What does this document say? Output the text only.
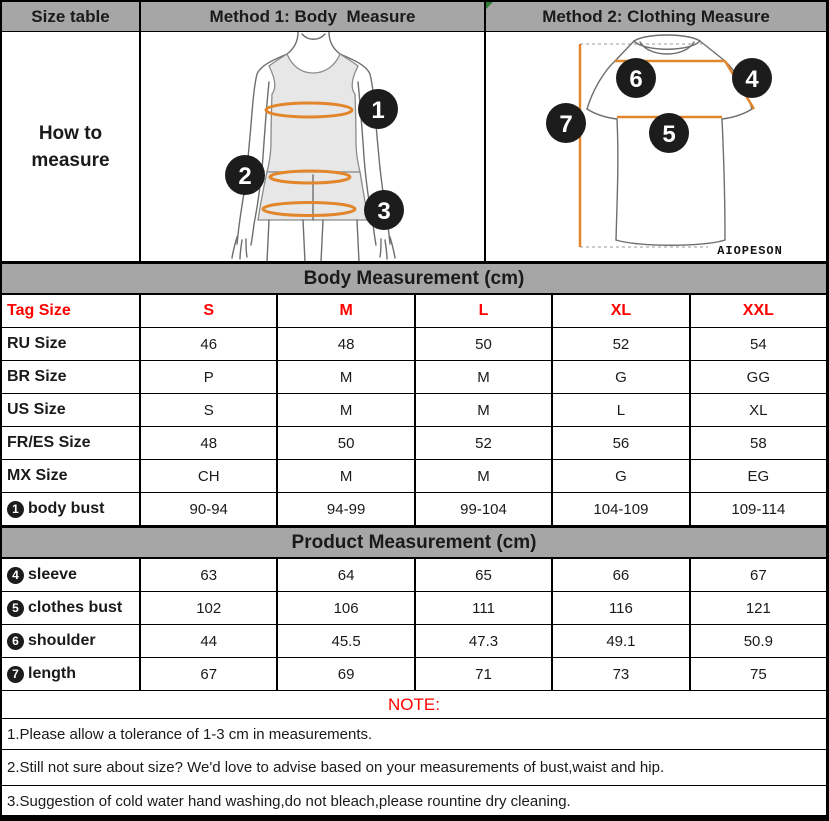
Size table	Method 1: Body  Measure	Method 2: Clothing Measure
How to
measure
1
2
3
6	4
7	5
AIOPESON
Body Measurement (cm)
Tag Size	S	M	L	XL	XXL
RU Size	46	48	50	52	54
BR Size	P	M	M	G	GG
US Size	S	M	M	L	XL
FR/ES Size	48	50	52	56	58
MX Size	CH	M	M	G	EG
1 body bust	90-94	94-99	99-104	104-109	109-114
Product Measurement (cm)
4 sleeve	63	64	65	66	67
5 clothes bust	102	106	111	116	121
6 shoulder	44	45.5	47.3	49.1	50.9
7 length	67	69	71	73	75
NOTE:
1.Please allow a tolerance of 1-3 cm in measurements.
2.Still not sure about size? We'd love to advise based on your measurements of bust,waist and hip.
3.Suggestion of cold water hand washing,do not bleach,please rountine dry cleaning.
